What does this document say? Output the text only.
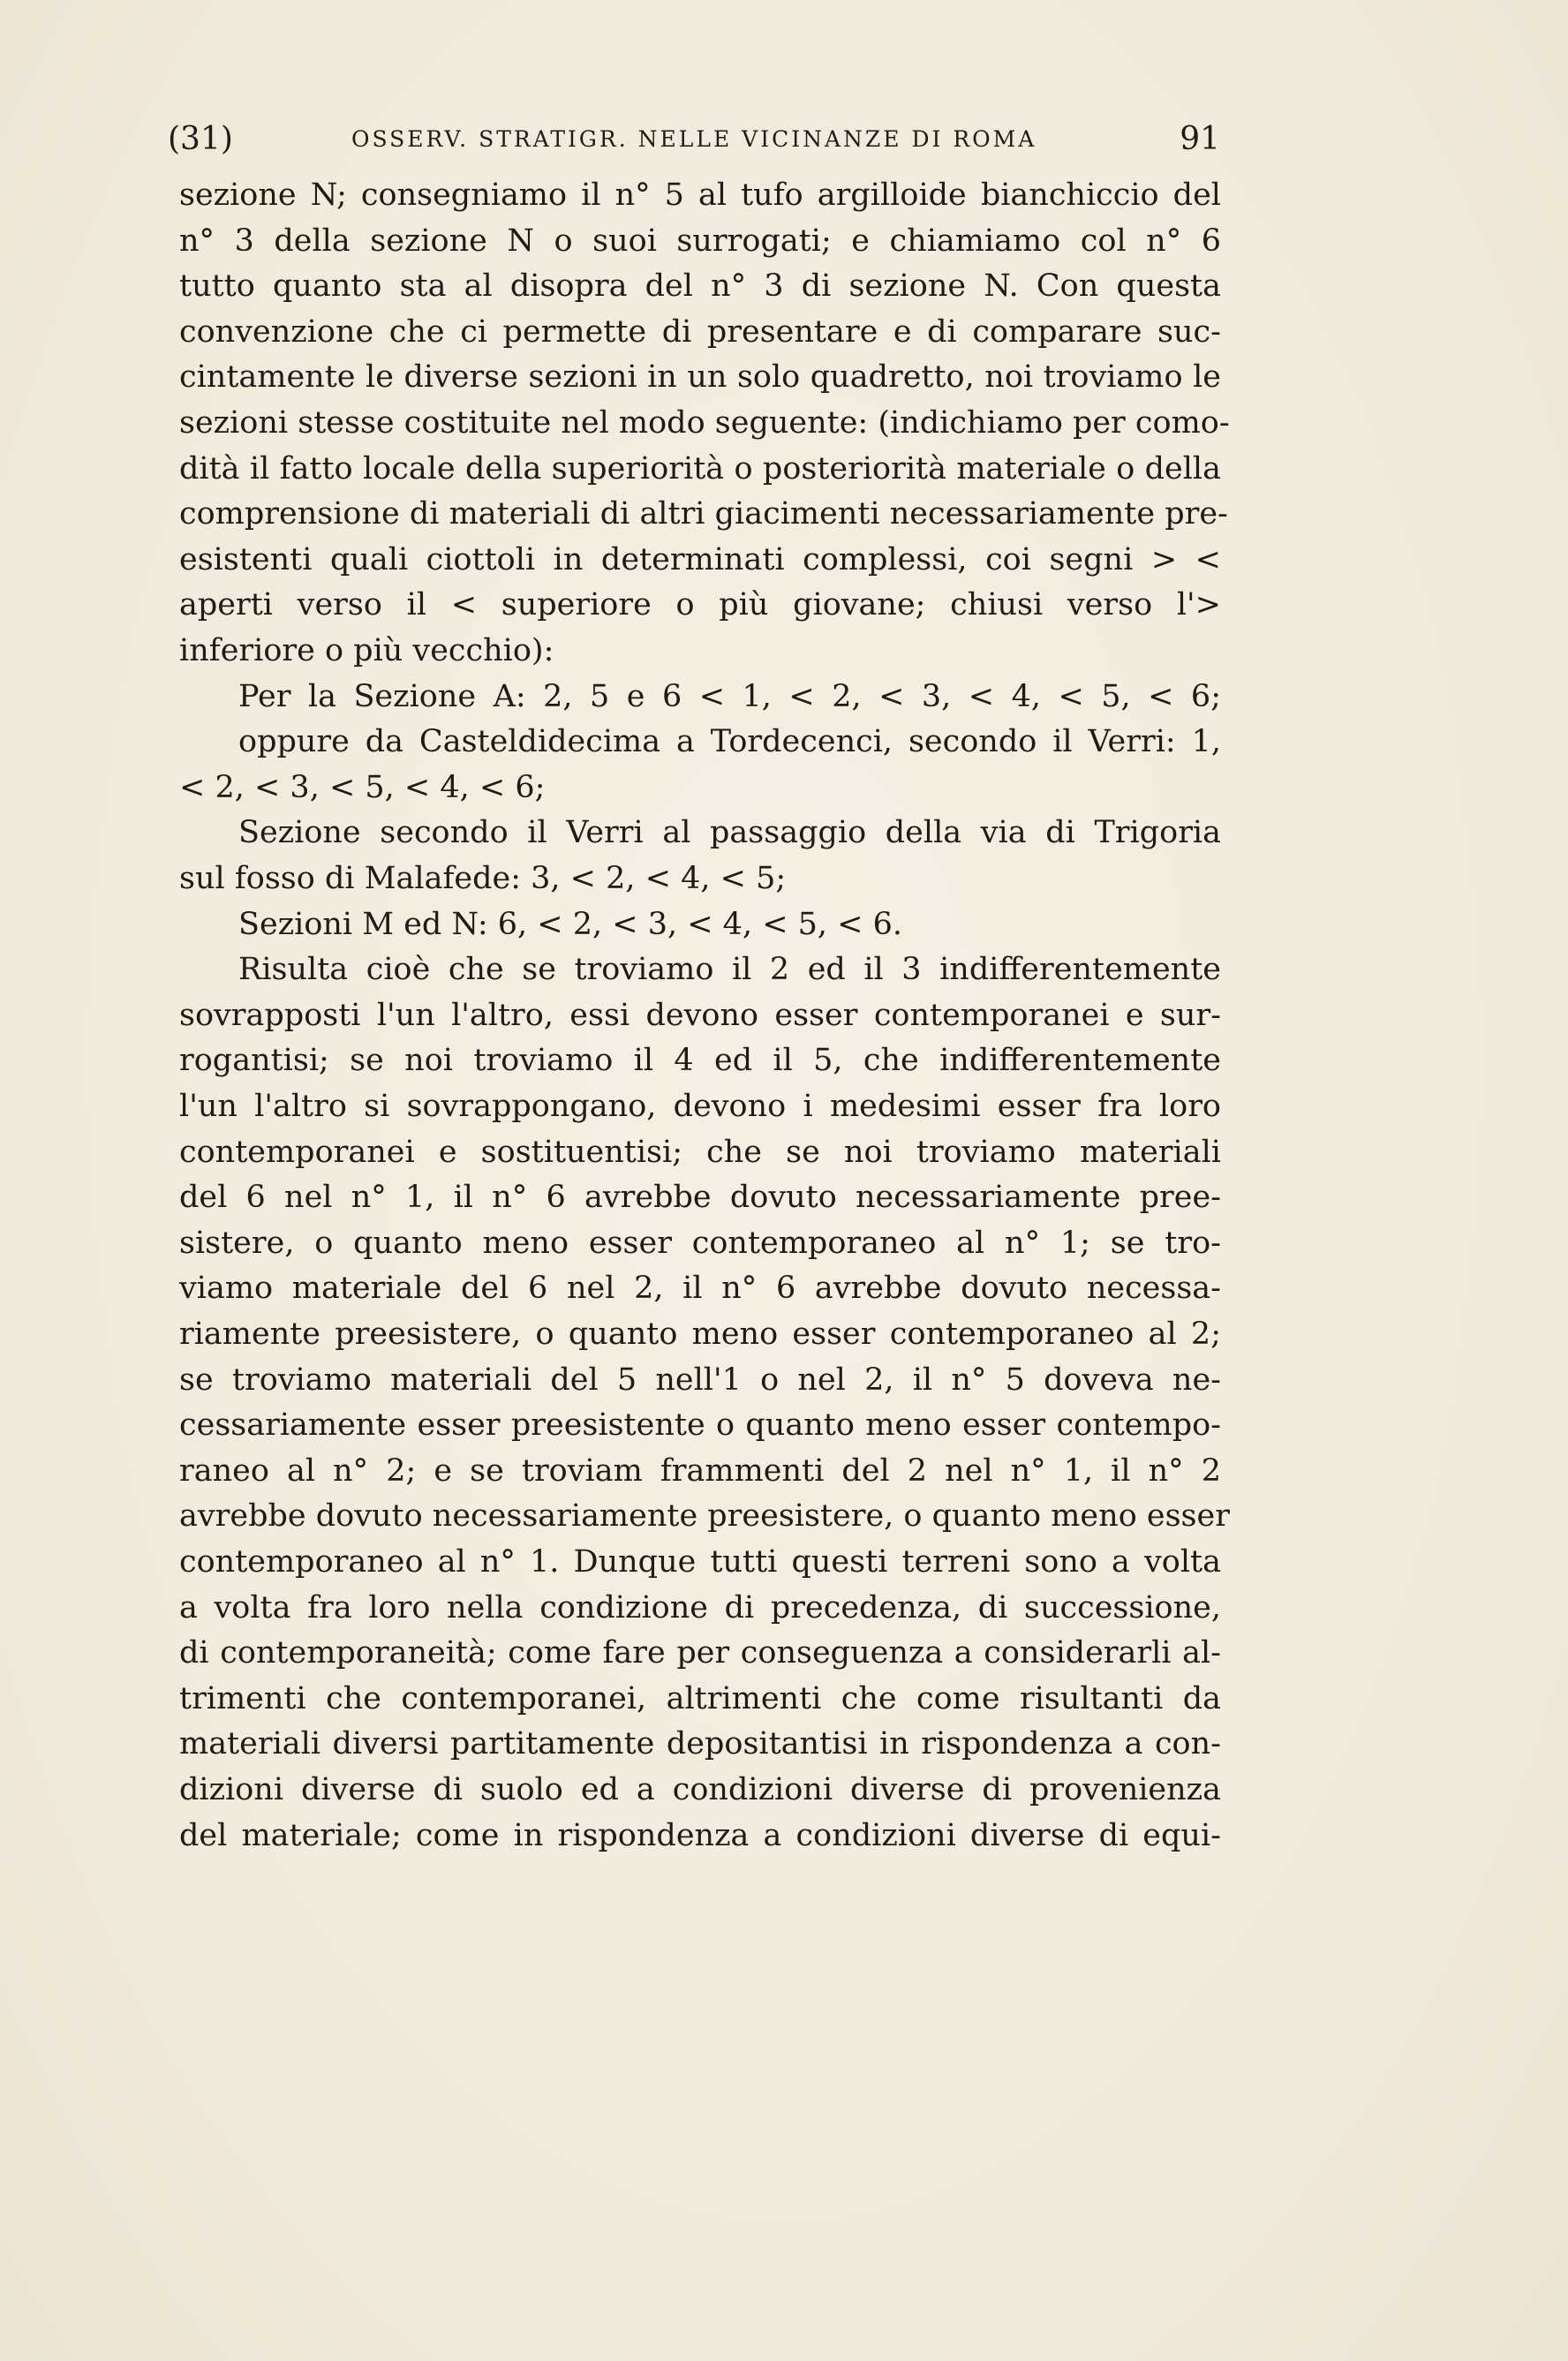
(31)	OSSERV. STRATIGR. NELLE VICINANZE DI ROMA	91
sezione N; consegniamo il n° 5 al tufo argilloide bianchiccio del
n° 3 della sezione N o suoi surrogati; e chiamiamo col n° 6
tutto quanto sta al disopra del n° 3 di sezione N. Con questa
convenzione che ci permette di presentare e di comparare suc-
cintamente le diverse sezioni in un solo quadretto, noi troviamo le
sezioni stesse costituite nel modo seguente: (indichiamo per como-
dità il fatto locale della superiorità o posteriorità materiale o della
comprensione di materiali di altri giacimenti necessariamente pre-
esistenti quali ciottoli in determinati complessi, coi segni > <
aperti verso il < superiore o più giovane; chiusi verso l'>
inferiore o più vecchio):
Per la Sezione A: 2, 5 e 6 < 1, < 2, < 3, < 4, < 5, < 6;
oppure da Casteldidecima a Tordecenci, secondo il Verri: 1,
< 2, < 3, < 5, < 4, < 6;
Sezione secondo il Verri al passaggio della via di Trigoria
sul fosso di Malafede: 3, < 2, < 4, < 5;
Sezioni M ed N: 6, < 2, < 3, < 4, < 5, < 6.
Risulta cioè che se troviamo il 2 ed il 3 indifferentemente
sovrapposti l'un l'altro, essi devono esser contemporanei e sur-
rogantisi; se noi troviamo il 4 ed il 5, che indifferentemente
l'un l'altro si sovrappongano, devono i medesimi esser fra loro
contemporanei e sostituentisi; che se noi troviamo materiali
del 6 nel n° 1, il n° 6 avrebbe dovuto necessariamente pree-
sistere, o quanto meno esser contemporaneo al n° 1; se tro-
viamo materiale del 6 nel 2, il n° 6 avrebbe dovuto necessa-
riamente preesistere, o quanto meno esser contemporaneo al 2;
se troviamo materiali del 5 nell'1 o nel 2, il n° 5 doveva ne-
cessariamente esser preesistente o quanto meno esser contempo-
raneo al n° 2; e se troviam frammenti del 2 nel n° 1, il n° 2
avrebbe dovuto necessariamente preesistere, o quanto meno esser
contemporaneo al n° 1. Dunque tutti questi terreni sono a volta
a volta fra loro nella condizione di precedenza, di successione,
di contemporaneità; come fare per conseguenza a considerarli al-
trimenti che contemporanei, altrimenti che come risultanti da
materiali diversi partitamente depositantisi in rispondenza a con-
dizioni diverse di suolo ed a condizioni diverse di provenienza
del materiale; come in rispondenza a condizioni diverse di equi-
